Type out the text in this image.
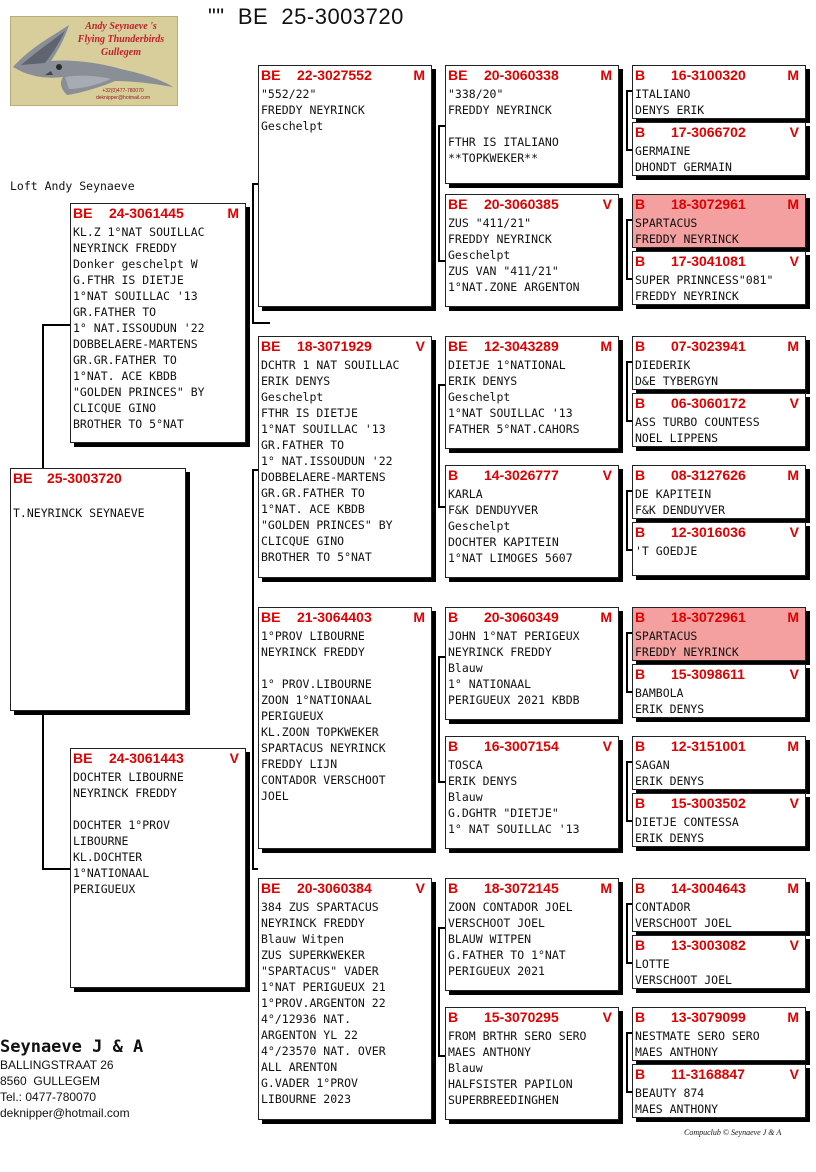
""  BE  25-3003720
Andy Seynaeve 's
Flying Thunderbirds
Gullegem
+32(0)477-780070
deknipper@hotmail.com
Loft Andy Seynaeve
BE 25-3003720
T.NEYRINCK SEYNAEVE
BE 24-3061445	M
KL.Z 1°NAT SOUILLAC
NEYRINCK FREDDY
Donker geschelpt W
G.FTHR IS DIETJE
1°NAT SOUILLAC '13
GR.FATHER TO
1° NAT.ISSOUDUN '22
DOBBELAERE-MARTENS
GR.GR.FATHER TO
1°NAT. ACE KBDB
"GOLDEN PRINCES" BY
CLICQUE GINO
BROTHER TO 5°NAT
BE 24-3061443	V
DOCHTER LIBOURNE
NEYRINCK FREDDY
DOCHTER 1°PROV
LIBOURNE
KL.DOCHTER
1°NATIONAAL
PERIGUEUX
BE 22-3027552	M
"552/22"
FREDDY NEYRINCK
Geschelpt
BE 18-3071929	V
DCHTR 1 NAT SOUILLAC
ERIK DENYS
Geschelpt
FTHR IS DIETJE
1°NAT SOUILLAC '13
GR.FATHER TO
1° NAT.ISSOUDUN '22
DOBBELAERE-MARTENS
GR.GR.FATHER TO
1°NAT. ACE KBDB
"GOLDEN PRINCES" BY
CLICQUE GINO
BROTHER TO 5°NAT
BE 21-3064403	M
1°PROV LIBOURNE
NEYRINCK FREDDY
1° PROV.LIBOURNE
ZOON 1°NATIONAAL
PERIGUEUX
KL.ZOON TOPKWEKER
SPARTACUS NEYRINCK
FREDDY LIJN
CONTADOR VERSCHOOT
JOEL
BE 20-3060384	V
384 ZUS SPARTACUS
NEYRINCK FREDDY
Blauw Witpen
ZUS SUPERKWEKER
"SPARTACUS" VADER
1°NAT PERIGUEUX 21
1°PROV.ARGENTON 22
4°/12936 NAT.
ARGENTON YL 22
4°/23570 NAT. OVER
ALL ARENTON
G.VADER 1°PROV
LIBOURNE 2023
BE 20-3060338	M
"338/20"
FREDDY NEYRINCK
FTHR IS ITALIANO
**TOPKWEKER**
BE 20-3060385	V
ZUS "411/21"
FREDDY NEYRINCK
Geschelpt
ZUS VAN "411/21"
1°NAT.ZONE ARGENTON
BE 12-3043289	M
DIETJE 1°NATIONAL
ERIK DENYS
Geschelpt
1°NAT SOUILLAC '13
FATHER 5°NAT.CAHORS
B 14-3026777	V
KARLA
F&K DENDUYVER
Geschelpt
DOCHTER KAPITEIN
1°NAT LIMOGES 5607
B 20-3060349	M
JOHN 1°NAT PERIGEUX
NEYRINCK FREDDY
Blauw
1° NATIONAAL
PERIGUEUX 2021 KBDB
B 16-3007154	V
TOSCA
ERIK DENYS
Blauw
G.DGHTR "DIETJE"
1° NAT SOUILLAC '13
B 18-3072145	M
ZOON CONTADOR JOEL
VERSCHOOT JOEL
BLAUW WITPEN
G.FATHER TO 1°NAT
PERIGUEUX 2021
B 15-3070295	V
FROM BRTHR SERO SERO
MAES ANTHONY
Blauw
HALFSISTER PAPILON
SUPERBREEDINGHEN
B 16-3100320	M
ITALIANO
DENYS ERIK
B 17-3066702	V
GERMAINE
DHONDT GERMAIN
B 18-3072961	M
SPARTACUS
FREDDY NEYRINCK
B 17-3041081	V
SUPER PRINNCESS"081"
FREDDY NEYRINCK
B 07-3023941	M
DIEDERIK
D&E TYBERGYN
B 06-3060172	V
ASS TURBO COUNTESS
NOEL LIPPENS
B 08-3127626	M
DE KAPITEIN
F&K DENDUYVER
B 12-3016036	V
'T GOEDJE
B 18-3072961	M
SPARTACUS
FREDDY NEYRINCK
B 15-3098611	V
BAMBOLA
ERIK DENYS
B 12-3151001	M
SAGAN
ERIK DENYS
B 15-3003502	V
DIETJE CONTESSA
ERIK DENYS
B 14-3004643	M
CONTADOR
VERSCHOOT JOEL
B 13-3003082	V
LOTTE
VERSCHOOT JOEL
B 13-3079099	M
NESTMATE SERO SERO
MAES ANTHONY
B 11-3168847	V
BEAUTY 874
MAES ANTHONY
Seynaeve J & A
BALLINGSTRAAT 26
8560  GULLEGEM
Tel.: 0477-780070
deknipper@hotmail.com
Compuclub © Seynaeve J & A
